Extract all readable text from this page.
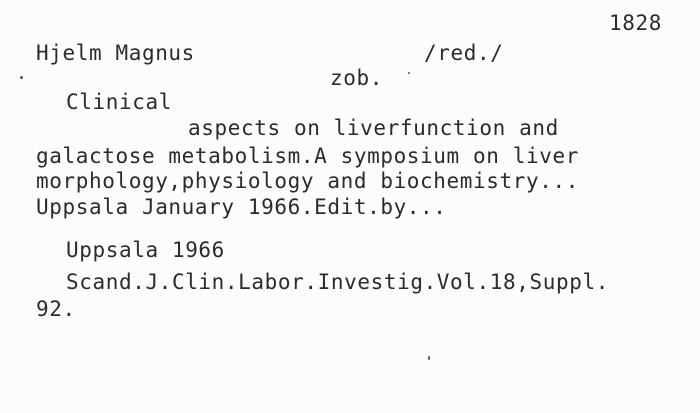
1828
Hjelm Magnus	/red./
zob.
Clinical
aspects on liverfunction and
galactose metabolism.A symposium on liver
morphology,physiology and biochemistry...
Uppsala January 1966.Edit.by...
Uppsala 1966
Scand.J.Clin.Labor.Investig.Vol.18,Suppl.
92.
